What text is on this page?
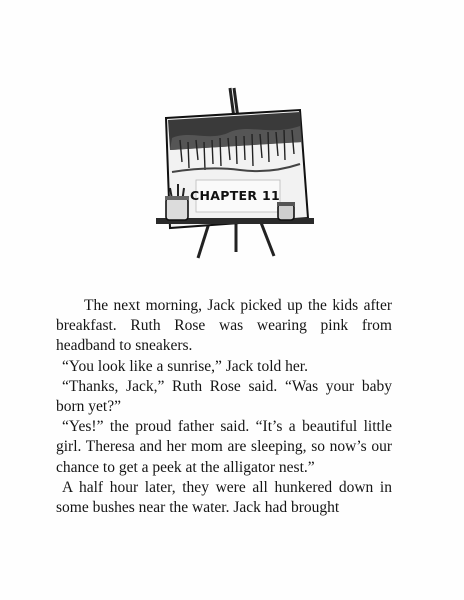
CHAPTER 11

The next morning, Jack picked up the kids after breakfast. Ruth Rose was wearing pink from headband to sneakers.

“You look like a sunrise,” Jack told her.

“Thanks, Jack,” Ruth Rose said. “Was your baby born yet?”

“Yes!” the proud father said. “It’s a beautiful little girl. Theresa and her mom are sleeping, so now’s our chance to get a peek at the alligator nest.”

A half hour later, they were all hunkered down in some bushes near the water. Jack had brought
